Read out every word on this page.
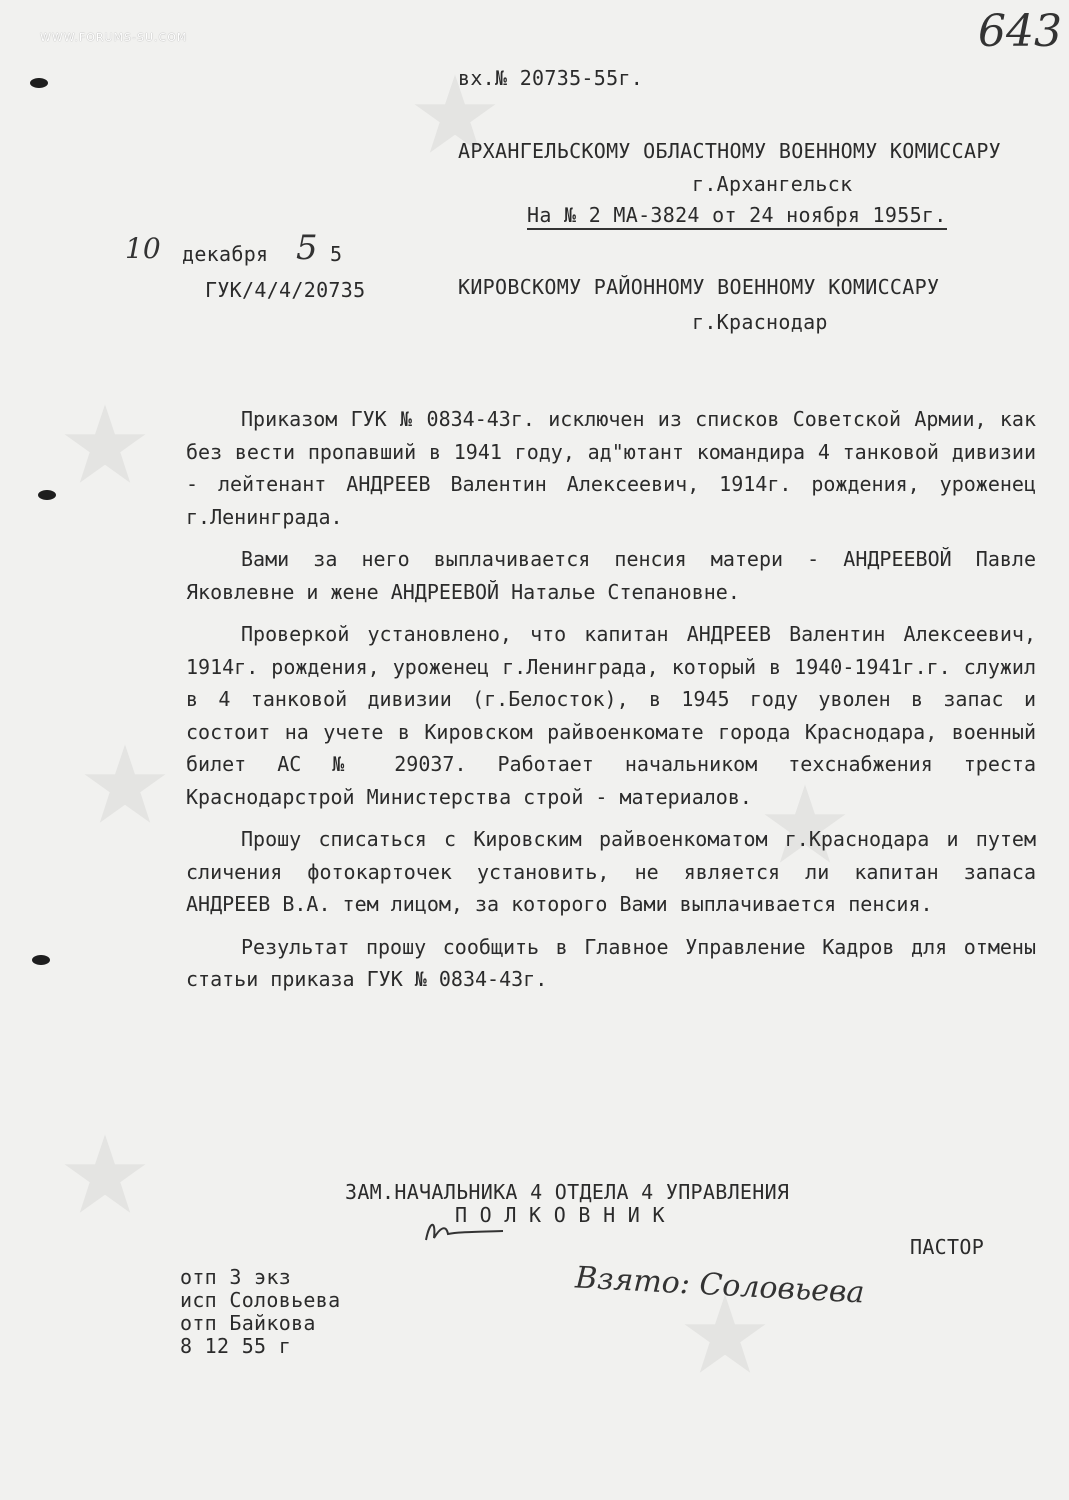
WWW.FORUMS-SU.COM	643
вх.№ 20735-55г.
АРХАНГЕЛЬСКОМУ ОБЛАСТНОМУ ВОЕННОМУ КОМИССАРУ
г.Архангельск
На № 2 МА-3824 от 24 ноября 1955г.
10 декабря 5 5
ГУК/4/4/20735	КИРОВСКОМУ РАЙОННОМУ ВОЕННОМУ КОМИССАРУ
г.Краснодар

Приказом ГУК № 0834-43г. исключен из списков Советской Армии, как без вести пропавший в 1941 году, ад"ютант командира 4 танковой дивизии - лейтенант АНДРЕЕВ Валентин Алексеевич, 1914г. рождения, уроженец г.Ленинграда.

Вами за него выплачивается пенсия матери - АНДРЕЕВОЙ Павле Яковлевне и жене АНДРЕЕВОЙ Наталье Степановне.

Проверкой установлено, что капитан АНДРЕЕВ Валентин Алексеевич, 1914г. рождения, уроженец г.Ленинграда, который в 1940-1941г.г. служил в 4 танковой дивизии (г.Белосток), в 1945 году уволен в запас и состоит на учете в Кировском райвоенкомате города Краснодара, военный билет АС № 29037. Работает начальником техснабжения треста Краснодарстрой Министерства строй - материалов.

Прошу списаться с Кировским райвоенкоматом г.Краснодара и путем сличения фотокарточек установить, не является ли капитан запаса АНДРЕЕВ В.А. тем лицом, за которого Вами выплачивается пенсия.

Результат прошу сообщить в Главное Управление Кадров для отмены статьи приказа ГУК № 0834-43г.

ЗАМ.НАЧАЛЬНИКА 4 ОТДЕЛА 4 УПРАВЛЕНИЯ
П О Л К О В Н И К
ПАСТОР
Взято: Соловьева
отп 3 экз
исп Соловьева
отп Байкова
8 12 55 г
